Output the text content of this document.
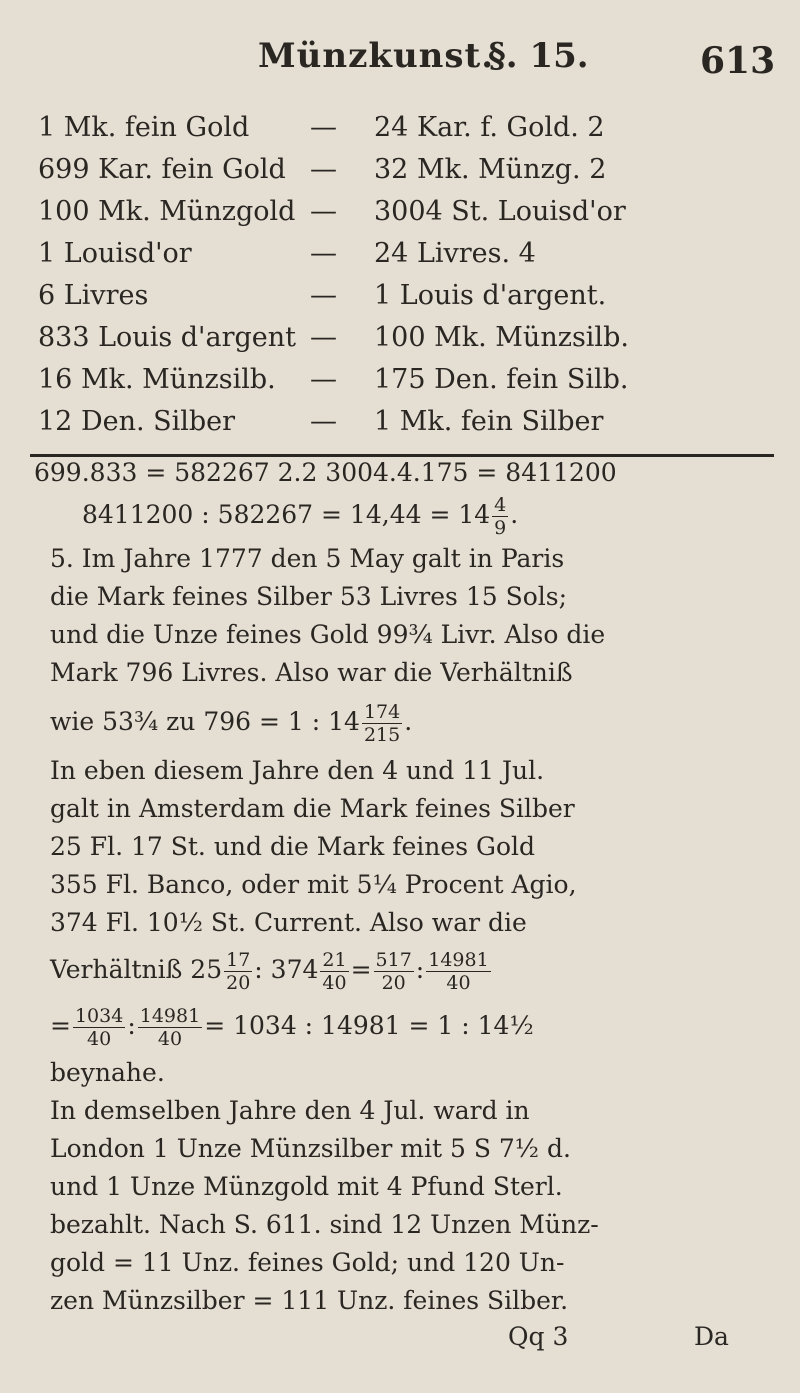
Münzkunst.
§. 15.	613
1 Mk. fein Gold — 24 Kar. f. Gold. 2
699 Kar. fein Gold — 32 Mk. Münzg. 2
100 Mk. Münzgold — 3004 St. Louisd'or
1 Louisd'or	— 24 Livres. 4
6 Livres	— 1 Louis d'argent.
833 Louis d'argent — 100 Mk. Münzsilb.
16 Mk. Münzsilb. — 175 Den. fein Silb.
12 Den. Silber	— 1 Mk. fein Silber
699.833 = 582267 2.2 3004.4.175 = 8411200
8411200 : $582267 = 14,44 = 14 \frac{4}{9}$ .
5. Im Jahre 1777 den 5 May galt in Paris
die Mark feines Silber 53 Livres 15 Sols;
und die Unze feines Gold 99¾ Livr. Also die
Mark 796 Livres. Also war die Verhältniß
wie 53¾ zu 796 = 1 : $14 \frac{174}{215}$ .
In eben diesem Jahre den 4 und 11 Jul.
galt in Amsterdam die Mark feines Silber
25 Fl. 17 St. und die Mark feines Gold
355 Fl. Banco, oder mit 5¼ Procent Agio,
374 Fl. 10½ St. Current. Also war die
Verhältniß $25 \frac{17}{20}$ : $374 \frac{21}{40} = \frac{517}{20}$ : $\frac{14981}{40}$
= $\frac{1034}{40}$ : $\frac{14981}{40} = 1034$ : 14981 = 1 : 14½
beynahe.
In demselben Jahre den 4 Jul. ward in
London 1 Unze Münzsilber mit 5 S 7½ d.
und 1 Unze Münzgold mit 4 Pfund Sterl.
bezahlt. Nach S. 611. sind 12 Unzen Münz-
gold = 11 Unz. feines Gold; und 120 Un-
zen Münzsilber = 111 Unz. feines Silber.
Qq 3	Da
